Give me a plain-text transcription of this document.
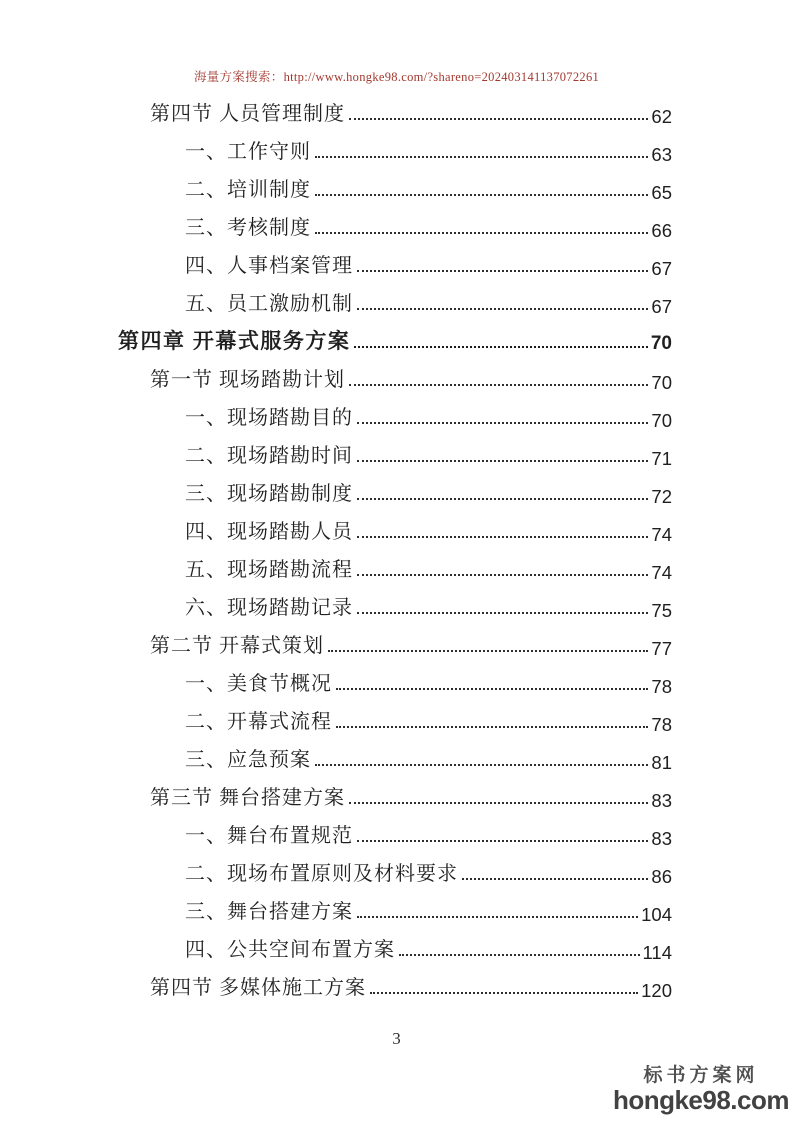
海量方案搜索：http://www.hongke98.com/?shareno=202403141137072261
第四节 人员管理制度	62
一、工作守则	63
二、培训制度	65
三、考核制度	66
四、人事档案管理	67
五、员工激励机制	67
第四章 开幕式服务方案	70
第一节 现场踏勘计划	70
一、现场踏勘目的	70
二、现场踏勘时间	71
三、现场踏勘制度	72
四、现场踏勘人员	74
五、现场踏勘流程	74
六、现场踏勘记录	75
第二节 开幕式策划	77
一、美食节概况	78
二、开幕式流程	78
三、应急预案	81
第三节 舞台搭建方案	83
一、舞台布置规范	83
二、现场布置原则及材料要求	86
三、舞台搭建方案	104
四、公共空间布置方案	114
第四节 多媒体施工方案	120
3
标书方案网
hongke98.com
